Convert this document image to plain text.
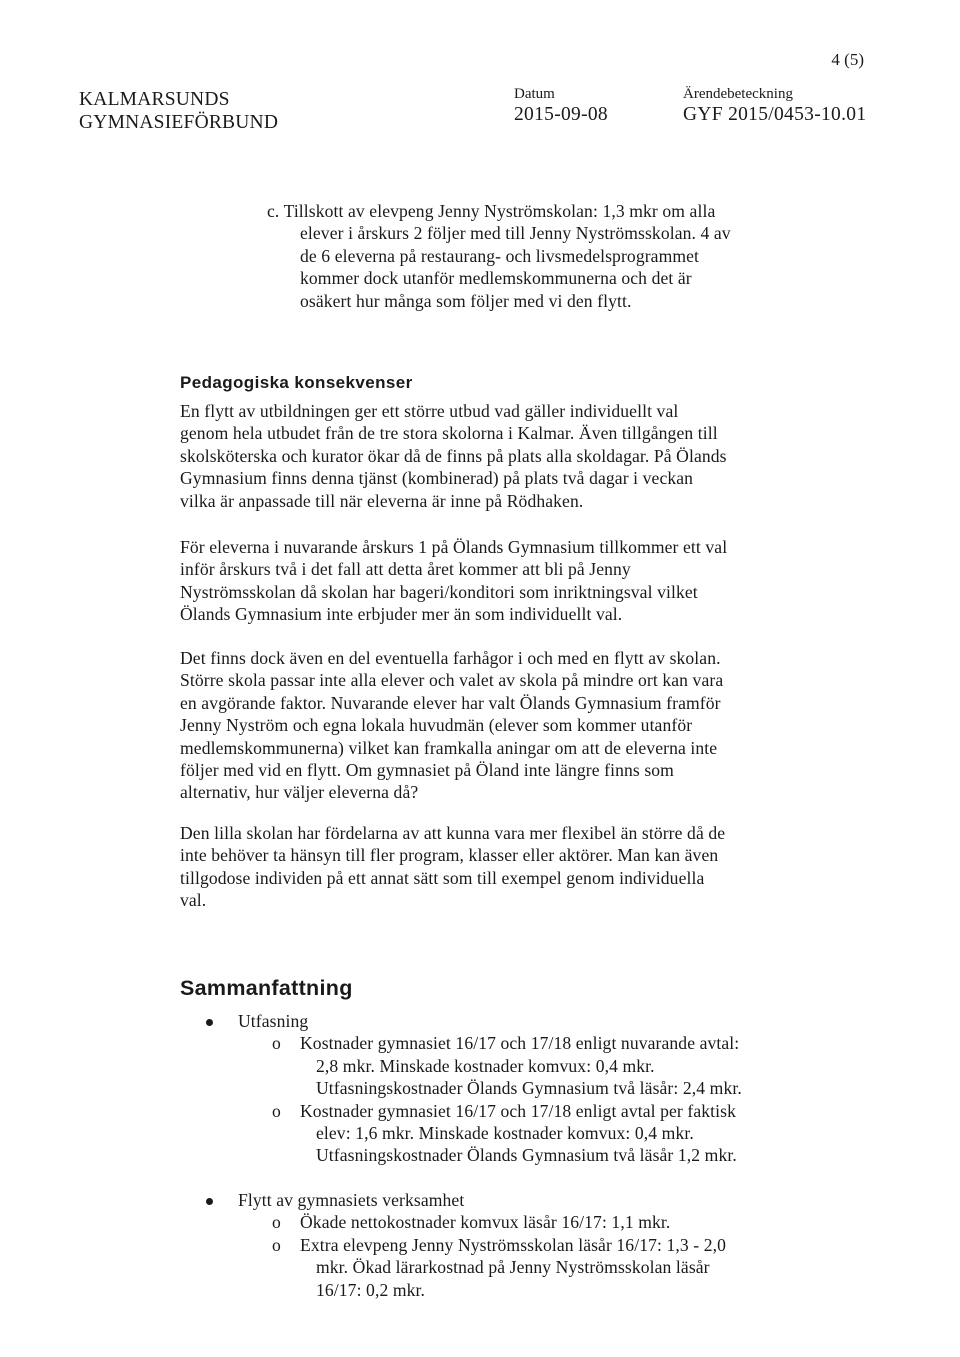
4 (5)
KALMARSUNDS
GYMNASIEFÖRBUND
Datum
2015-09-08
Ärendebeteckning
GYF 2015/0453-10.01
c. Tillskott av elevpeng Jenny Nyströmskolan: 1,3 mkr om alla
elever i årskurs 2 följer med till Jenny Nyströmsskolan. 4 av
de 6 eleverna på restaurang- och livsmedelsprogrammet
kommer dock utanför medlemskommunerna och det är
osäkert hur många som följer med vi den flytt.
Pedagogiska konsekvenser
En flytt av utbildningen ger ett större utbud vad gäller individuellt val
genom hela utbudet från de tre stora skolorna i Kalmar. Även tillgången till
skolsköterska och kurator ökar då de finns på plats alla skoldagar. På Ölands
Gymnasium finns denna tjänst (kombinerad) på plats två dagar i veckan
vilka är anpassade till när eleverna är inne på Rödhaken.
För eleverna i nuvarande årskurs 1 på Ölands Gymnasium tillkommer ett val
inför årskurs två i det fall att detta året kommer att bli på Jenny
Nyströmsskolan då skolan har bageri/konditori som inriktningsval vilket
Ölands Gymnasium inte erbjuder mer än som individuellt val.
Det finns dock även en del eventuella farhågor i och med en flytt av skolan.
Större skola passar inte alla elever och valet av skola på mindre ort kan vara
en avgörande faktor. Nuvarande elever har valt Ölands Gymnasium framför
Jenny Nyström och egna lokala huvudmän (elever som kommer utanför
medlemskommunerna) vilket kan framkalla aningar om att de eleverna inte
följer med vid en flytt. Om gymnasiet på Öland inte längre finns som
alternativ, hur väljer eleverna då?
Den lilla skolan har fördelarna av att kunna vara mer flexibel än större då de
inte behöver ta hänsyn till fler program, klasser eller aktörer. Man kan även
tillgodose individen på ett annat sätt som till exempel genom individuella
val.
Sammanfattning
Utfasning
o Kostnader gymnasiet 16/17 och 17/18 enligt nuvarande avtal:
2,8 mkr. Minskade kostnader komvux: 0,4 mkr.
Utfasningskostnader Ölands Gymnasium två läsår: 2,4 mkr.
o Kostnader gymnasiet 16/17 och 17/18 enligt avtal per faktisk
elev: 1,6 mkr. Minskade kostnader komvux: 0,4 mkr.
Utfasningskostnader Ölands Gymnasium två läsår 1,2 mkr.
Flytt av gymnasiets verksamhet
o Ökade nettokostnader komvux läsår 16/17: 1,1 mkr.
o Extra elevpeng Jenny Nyströmsskolan läsår 16/17: 1,3 - 2,0
mkr. Ökad lärarkostnad på Jenny Nyströmsskolan läsår
16/17: 0,2 mkr.
